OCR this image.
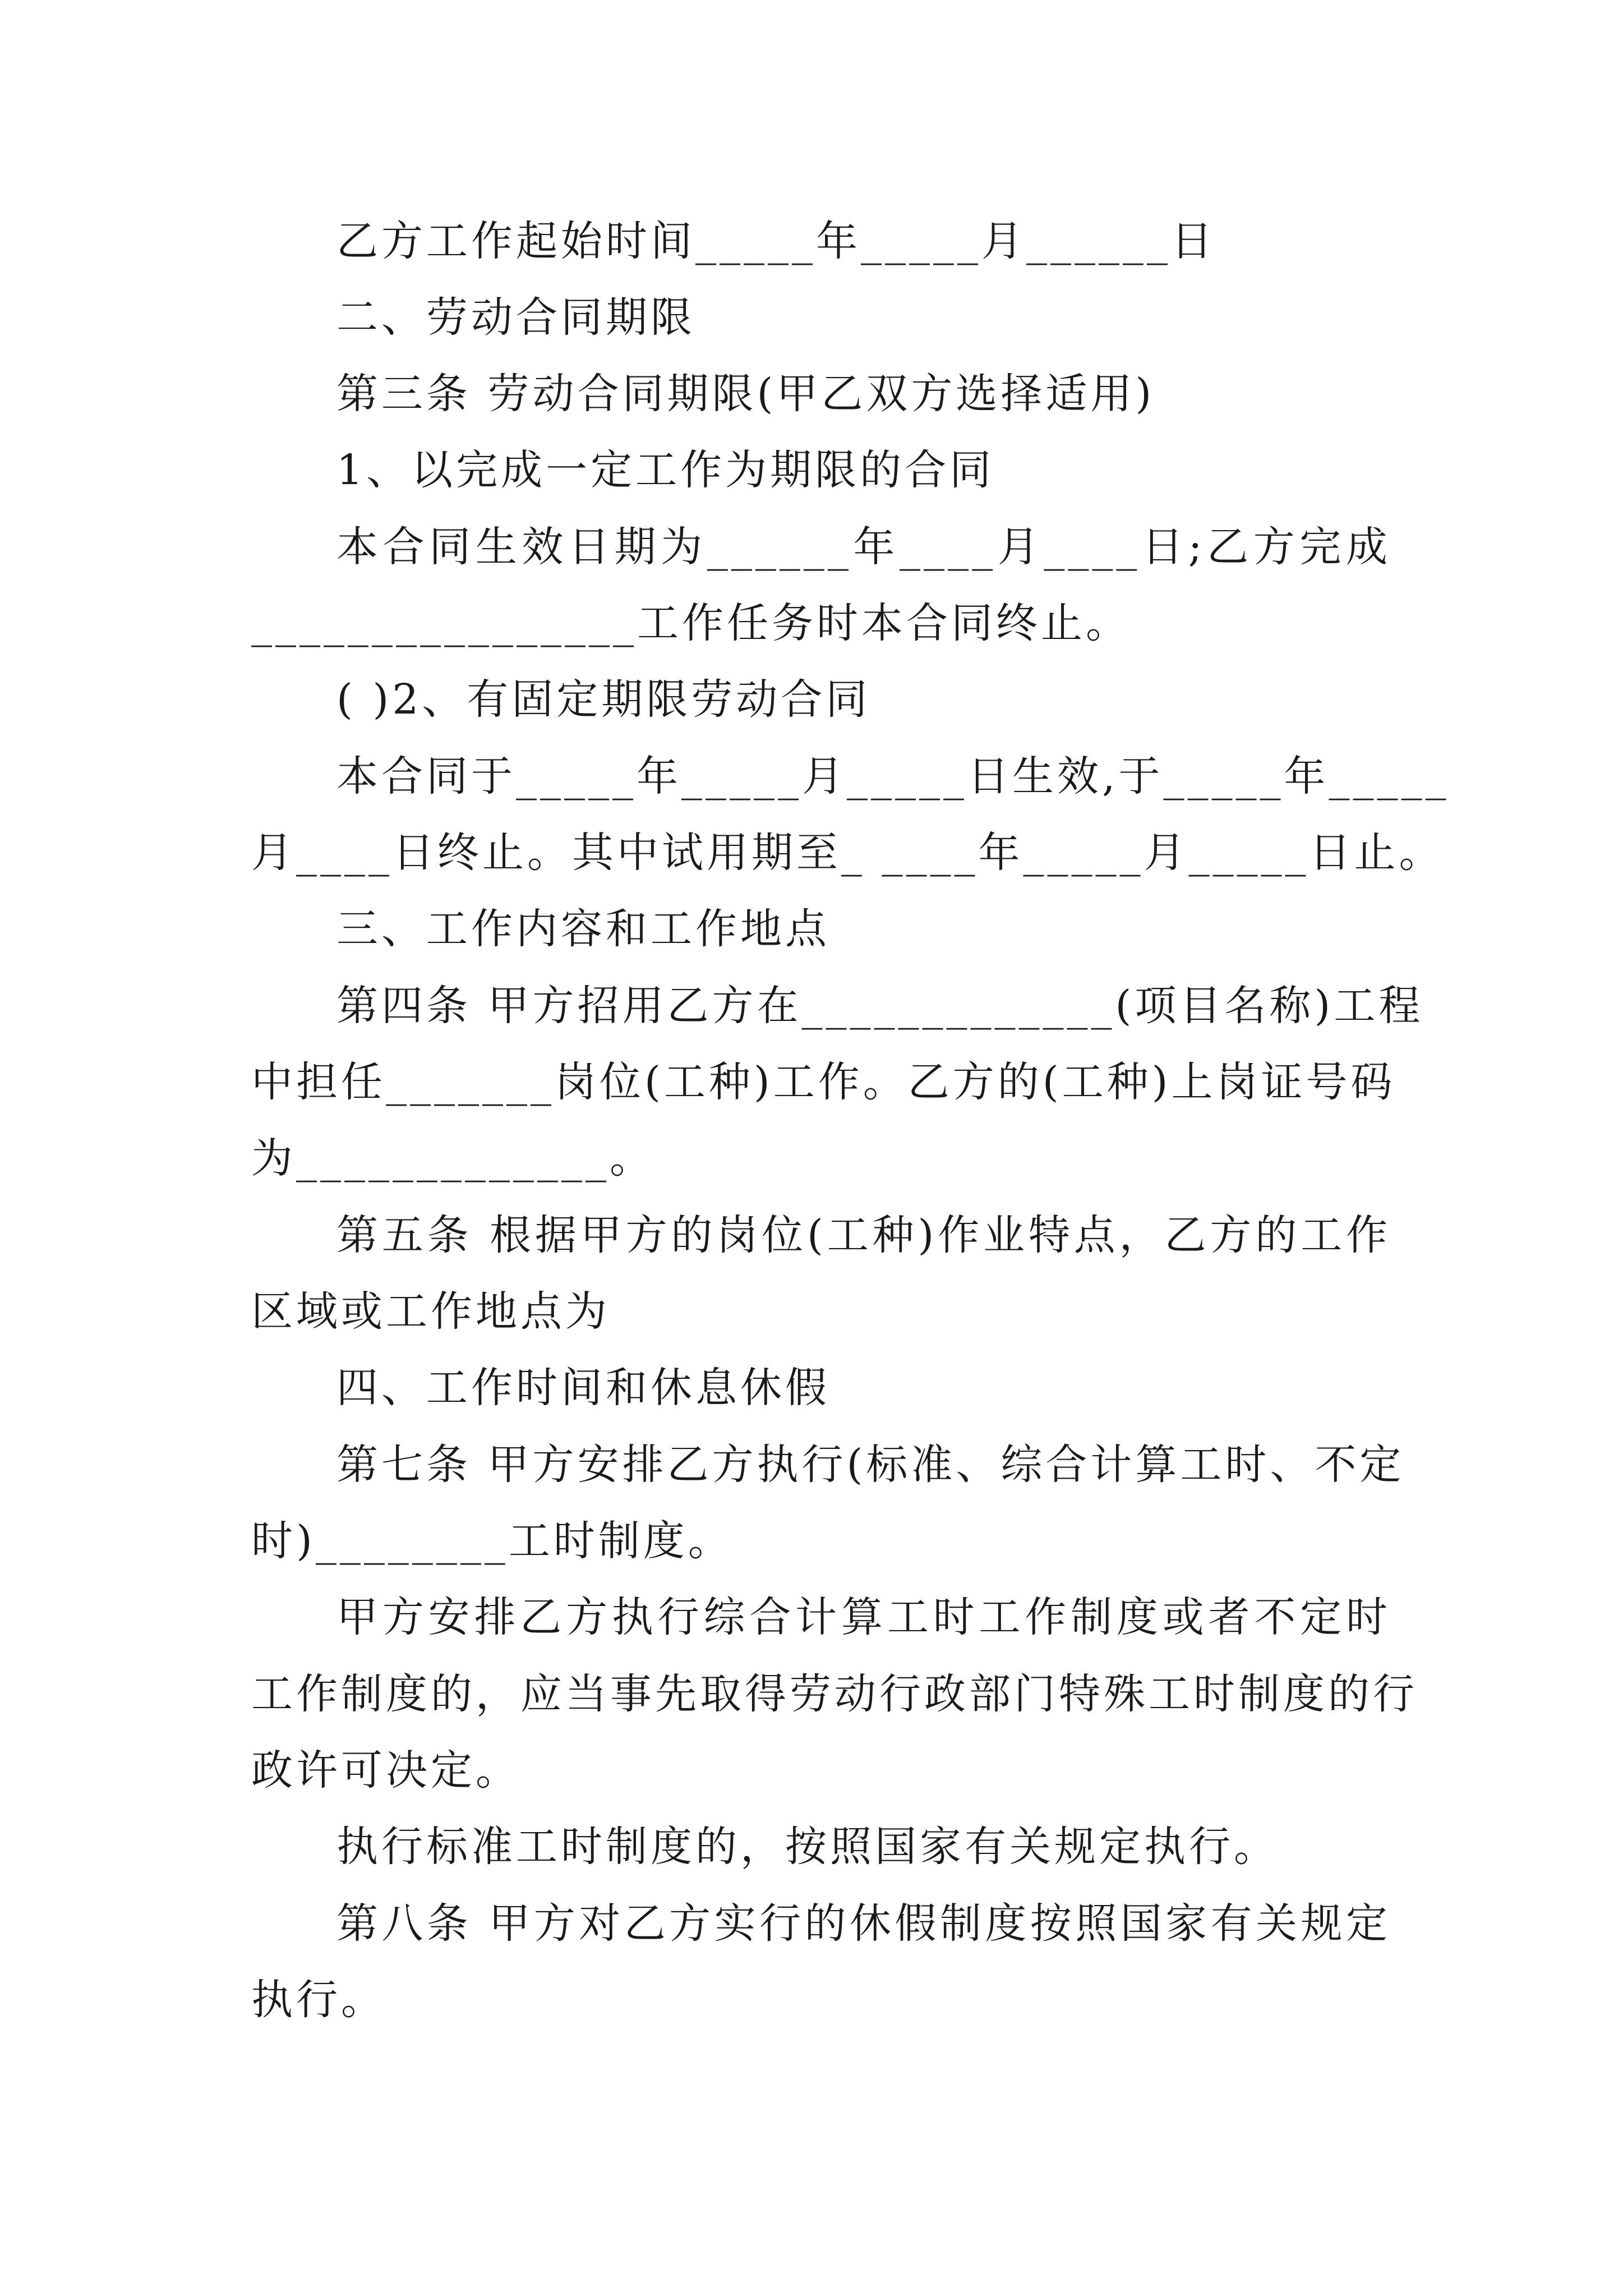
乙方工作起始时间_____年_____月______日
二、劳动合同期限
第三条 劳动合同期限(甲乙双方选择适用)
1、以完成一定工作为期限的合同
本合同生效日期为______年____月____日;乙方完成
________________工作任务时本合同终止。
( )2、有固定期限劳动合同
本合同于_____年_____月_____日生效,于_____年_____
月____日终止。其中试用期至_ ____年_____月_____日止。
三、工作内容和工作地点
第四条 甲方招用乙方在_____________(项目名称)工程
中担任_______岗位(工种)工作。乙方的(工种)上岗证号码
为_____________。
第五条 根据甲方的岗位(工种)作业特点，乙方的工作
区域或工作地点为
四、工作时间和休息休假
第七条 甲方安排乙方执行(标准、综合计算工时、不定
时)________工时制度。
甲方安排乙方执行综合计算工时工作制度或者不定时
工作制度的，应当事先取得劳动行政部门特殊工时制度的行
政许可决定。
执行标准工时制度的，按照国家有关规定执行。
第八条 甲方对乙方实行的休假制度按照国家有关规定
执行。
